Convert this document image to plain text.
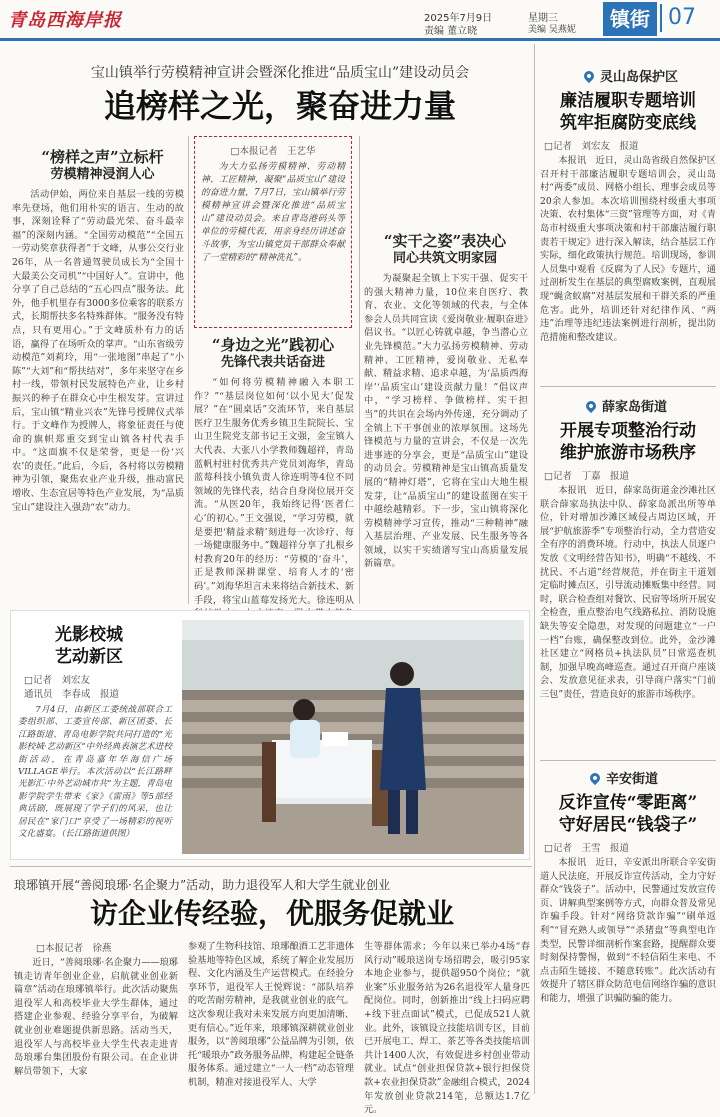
青岛西海岸报	2025年7月9日	星期三
责编 董立晓	美编 吴燕妮	镇街 07
宝山镇举行劳模精神宣讲会暨深化推进“品质宝山”建设动员会
追榜样之光，聚奋进力量
“榜样之声”立标杆
劳模精神浸润人心
活动伊始，两位来自基层一线的劳模率先登场，他们用朴实的语言、生动的故事，深刻诠释了“劳动最光荣、奋斗最幸福”的深刻内涵。“全国劳动模范”“全国五一劳动奖章获得者”于文峰，从事公交行业26年，从一名普通驾驶员成长为“全国十大最美公交司机”“中国好人”。宣讲中，他分享了自己总结的“五心四点”服务法。此外，他手机里存有3000多位乘客的联系方式，长期帮扶多名特殊群体。“服务没有特点，只有更用心。”于文峰质朴有力的话语，赢得了在场听众的掌声。“山东省级劳动模范”刘莉玲，用“一张地图”串起了“小陈”“大刘”和“帮扶结对”，多年来坚守在乡村一线，带领村民发展特色产业，让乡村振兴的种子在群众心中生根发芽。宣讲过后，宝山镇“精业兴农”先锋号授牌仪式举行。于文峰作为授牌人，将象征责任与使命的旗帜郑重交到宝山镇各村代表手中。“这面旗不仅是荣誉，更是一份‘兴农’的责任。”此后，今后，各村将以劳模精神为引领，聚焦农业产业升级，推动富民增收、生态宜居等特色产业发展，为“品质宝山”建设注入强劲“农”动力。
□本报记者　王艺华
为大力弘扬劳模精神、劳动精神、工匠精神，凝聚“品质宝山”建设的奋进力量，7月7日，宝山镇举行劳模精神宣讲会暨深化推进“品质宝山”建设动员会。来自青岛港码头等单位的劳模代表，用亲身经历讲述奋斗故事，为宝山镇党员干部群众奉献了一堂精彩的“精神洗礼”。
“身边之光”践初心
先锋代表共话奋进
“如何将劳模精神融入本职工作？”“基层岗位如何‘以小见大’促发展？”在“圆桌话”交流环节，来自基层医疗卫生服务优秀乡镇卫生院院长、宝山卫生院党支部书记王文强，金宝镇人大代表、大张八小学教师魏超祥，青岛蓝帆村驻村优秀共产党员刘海华，青岛蓝莓科技小镇负责人徐连明等4位不同领域的先锋代表，结合自身岗位展开交流。“从医20年，我始终记得‘医者仁心’的初心。”王文强说，“学习劳模，就是要把‘精益求精’刻进每一次诊疗、每一场健康服务中。”魏超祥分享了扎根乡村教育20年的经历：“劳模的‘奋斗’，正是教师深耕课堂、培育人才的‘密码’。”刘海华坦言未来将结合新技术、新手段，将宝山蓝莓发扬光大。徐连明从
“实干之姿”表决心
同心共筑文明家园
为凝聚起全镇上下实干强、促实干的强大精神力量，10位来自医疗、教育、农业、文化等领域的代表，与全体参会人员共同宣读《爱岗敬业·履职奋进》倡议书。“以匠心铸就卓越，争当潜心立业先锋模范。”大力弘扬劳模精神、劳动精神、工匠精神，爱岗敬业、无私奉献、精益求精、追求卓越，为‘品质西海岸’‘品质宝山’建设贡献力量！”倡议声中，“学习榜样、争做榜样、实干担当”的共识在会场内外传递，充分调动了全镇上下干事创业的浓厚氛围。这场先锋模范与力量的宣讲会，不仅是一次先进事迹的分享会，更是“品质宝山”建设的动员会。劳模精神是宝山镇高质量发展的“精神灯塔”，它将在宝山大地生根发芽，让“品质宝山”的建设蓝图在实干中越绘越精彩。下一步，宝山镇将深化劳模精神学习宣传，推动“三种精神”融入基层治理、产业发展、民生服务等各领域，以实干实绩谱写宝山高质量发展新篇章。
光影校城
艺动新区
□记者　刘宏友
通讯员　李春成　报道
7月4日，由新区工委统战部联合工委组织部、工委宣传部、新区团委、长江路街道、青岛电影学院共同打造的“光影校城·艺动新区”中外经典表演艺术进校街活动，在青岛嘉年华海信广场VILLAGE举行。本次活动以“长江路畔光影汇·中外艺动城市共”为主题，青岛电影学院学生带来《家》《雷雨》等5部经典话剧，既展现了学子们的风采，也让居民在“家门口”享受了一场精彩的视听文化盛宴。（长江路街道供图）
琅琊镇开展“善阅琅琊·名企聚力”活动，助力退役军人和大学生就业创业
访企业传经验，优服务促就业
□本报记者　徐燕
近日，“善阅琅琊·名企聚力——琅琊镇走访青年创业企业，启航就业创业新篇章”活动在琅琊镇举行。此次活动聚焦退役军人和高校毕业大学生群体，通过搭建企业参观、经验分享平台，为破解就业创业难题提供新思路。活动当天，退役军人与高校毕业大学生代表走进青岛琅琊台集团股份有限公司。在企业讲解员带领下，大家
参观了生物科技馆、琅琊酿酒工艺非遗体验基地等特色区域，系统了解企业发展历程、文化内涵及生产运营模式。在经验分享环节，退役军人王悦辉说：“部队培养的吃苦耐劳精神，是我就业创业的底气。这次参观让我对未来发展方向更加清晰、更有信心。”近年来，琅琊镇深耕就业创业服务，以“善阅琅琊”公益品牌为引领，依托“暖琅办”政务服务品牌，构建起全链条服务体系。通过建立“一人一档”动态管理机制，精准对接退役军人、大学
生等群体需求；今年以来已举办4场“春风行动”暖琅送岗专场招聘会，吸引95家本地企业参与，提供超950个岗位；“就业案”乐业服务站为26名退役军人量身匹配岗位。同时，创新推出“线上扫码应聘+线下驻点面试”模式，已促成521人就业。此外，该镇设立技能培训专区，目前已开展电工、焊工、茶艺等各类技能培训共计1400人次，有效促进乡村创业带动就业。试点“创业担保贷款+银行担保贷款+农业担保贷款”金融组合模式，2024年发放创业贷款214笔，总额达1.7亿元。
灵山岛保护区
廉洁履职专题培训
筑牢拒腐防变底线
□记者　刘宏友　报道
本报讯　近日，灵山岛省级自然保护区召开村干部廉洁履职专题培训会，灵山岛村“两委”成员、网格小组长、理事会成员等20余人参加。本次培训围绕村级重大事项决策、农村集体“三资”管理等方面，对《青岛市村级重大事项决策和村干部廉洁履行职责若干规定》进行深入解读，结合基层工作实际，细化政策执行规范。培训现场，参训人员集中观看《反腐为了人民》专题片，通过剖析发生在基层的典型腐败案例，直观展现“蝇贪蚁腐”对基层发展和干群关系的严重危害。此外，培训还针对纪律作风、“两违”治理等违纪违法案例进行剖析，提出防范措施和整改建议。
薛家岛街道
开展专项整治行动
维护旅游市场秩序
□记者　丁嘉　报道
本报讯　近日，薛家岛街道金沙滩社区联合薛家岛执法中队、薛家岛派出所等单位，针对增加沙滩区域侵占周边区域，开展“护航旅游季”专项整治行动，全力营造安全有序的消费环境。行动中，执法人员逐户发放《文明经营告知书》，明确“不越线、不扰民、不占道”经营规范，并在街主干道划定临时摊点区，引导流动摊贩集中经营。同时，联合检查组对餐饮、民宿等场所开展安全检查，重点整治电气线路私拉、消防设施缺失等安全隐患，对发现的问题建立“一户一档”台账，确保整改到位。此外，金沙滩社区建立“网格员+执法队员”日常巡查机制，加强早晚高峰巡查。通过召开商户座谈会、发放意见征求表，引导商户落实“门前三包”责任，营造良好的旅游市场秩序。
辛安街道
反诈宣传“零距离”
守好居民“钱袋子”
□记者　王雪　报道
本报讯　近日，辛安派出所联合辛安街道人民法庭，开展反诈宣传活动，全力守好群众“钱袋子”。活动中，民警通过发放宣传页、讲解典型案例等方式，向群众普及常见诈骗手段。针对“网络贷款诈骗”“刷单返利”“冒充熟人或领导”“杀猪盘”等典型电诈类型，民警详细剖析作案套路，提醒群众要时刻保持警惕，做到“不轻信陌生来电、不点击陌生链接、不随意转账”。此次活动有效提升了辖区群众防范电信网络诈骗的意识和能力，增强了识骗防骗的能力。
